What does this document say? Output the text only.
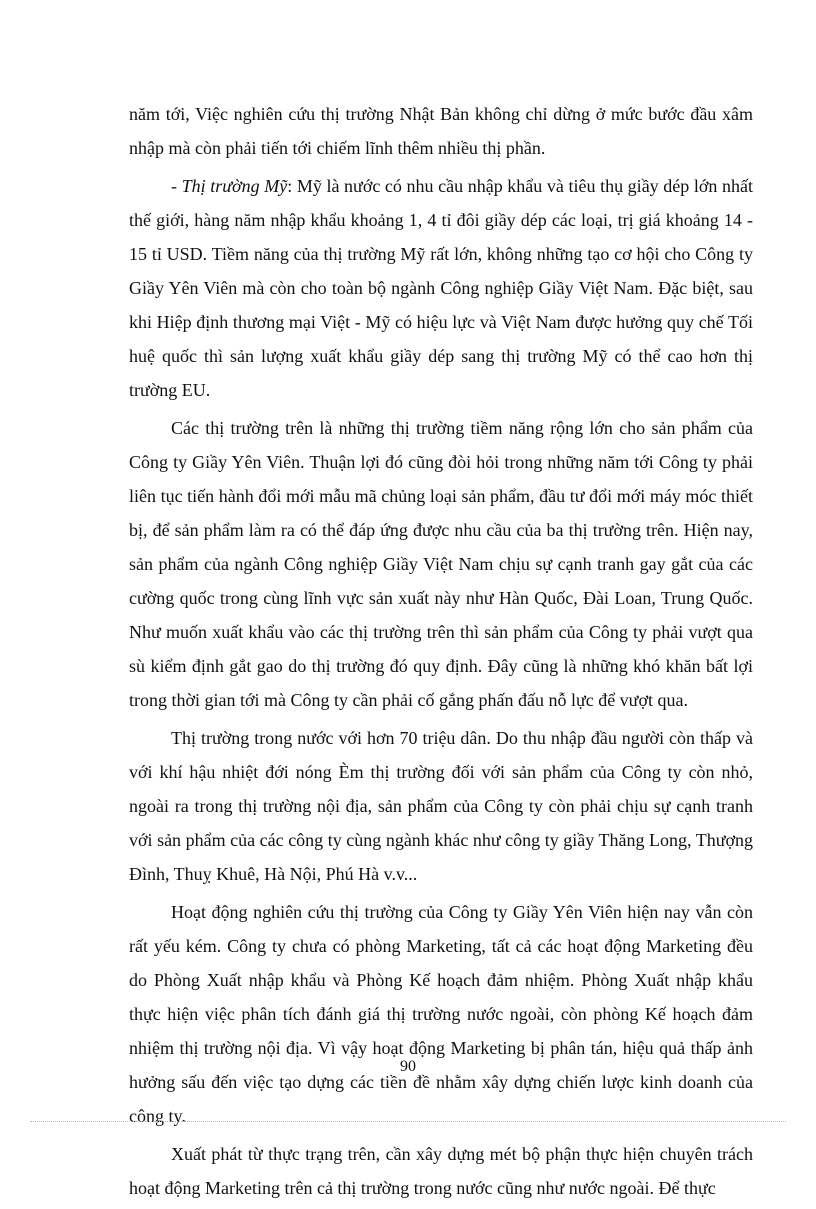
năm tới, Việc nghiên cứu thị trường Nhật Bản không chỉ dừng ở mức bước đầu xâm nhập mà còn phải tiến tới chiếm lĩnh thêm nhiều thị phần.

- Thị trường Mỹ: Mỹ là nước có nhu cầu nhập khẩu và tiêu thụ giầy dép lớn nhất thế giới, hàng năm nhập khẩu khoảng 1, 4 tỉ đôi giầy dép các loại, trị giá khoảng 14 - 15 tỉ USD. Tiềm năng của thị trường Mỹ rất lớn, không những tạo cơ hội cho Công ty Giầy Yên Viên mà còn cho toàn bộ ngành Công nghiệp Giầy Việt Nam. Đặc biệt, sau khi Hiệp định thương mại Việt - Mỹ có hiệu lực và Việt Nam được hưởng quy chế Tối huệ quốc thì sản lượng xuất khẩu giầy dép sang thị trường Mỹ có thể cao hơn thị trường EU.

Các thị trường trên là những thị trường tiềm năng rộng lớn cho sản phẩm của Công ty Giầy Yên Viên. Thuận lợi đó cũng đòi hỏi trong những năm tới Công ty phải liên tục tiến hành đổi mới mẫu mã chủng loại sản phẩm, đầu tư đổi mới máy móc thiết bị, để sản phẩm làm ra có thể đáp ứng được nhu cầu của ba thị trường trên. Hiện nay, sản phẩm của ngành Công nghiệp Giầy Việt Nam chịu sự cạnh tranh gay gắt của các cường quốc trong cùng lĩnh vực sản xuất này như Hàn Quốc, Đài Loan, Trung Quốc. Như muốn xuất khẩu vào các thị trường trên thì sản phẩm của Công ty phải vượt qua sù kiểm định gắt gao do thị trường đó quy định. Đây cũng là những khó khăn bất lợi trong thời gian tới mà Công ty cần phải cố gắng phấn đấu nỗ lực để vượt qua.

Thị trường trong nước với hơn 70 triệu dân. Do thu nhập đầu người còn thấp và với khí hậu nhiệt đới nóng Èm thị trường đối với sản phẩm của Công ty còn nhỏ, ngoài ra trong thị trường nội địa, sản phẩm của Công ty còn phải chịu sự cạnh tranh với sản phẩm của các công ty cùng ngành khác như công ty giầy Thăng Long, Thượng Đình, Thuỵ Khuê, Hà Nội, Phú Hà v.v...

Hoạt động nghiên cứu thị trường của Công ty Giầy Yên Viên hiện nay vẫn còn rất yếu kém. Công ty chưa có phòng Marketing, tất cả các hoạt động Marketing đều do Phòng Xuất nhập khẩu và Phòng Kế hoạch đảm nhiệm. Phòng Xuất nhập khẩu thực hiện việc phân tích đánh giá thị trường nước ngoài, còn phòng Kế hoạch đảm nhiệm thị trường nội địa. Vì vậy hoạt động Marketing bị phân tán, hiệu quả thấp ảnh hưởng sấu đến việc tạo dựng các tiền đề nhằm xây dựng chiến lược kinh doanh của công ty.

Xuất phát từ thực trạng trên, cần xây dựng mét bộ phận thực hiện chuyên trách hoạt động Marketing trên cả thị trường trong nước cũng như nước ngoài. Để thực

90
